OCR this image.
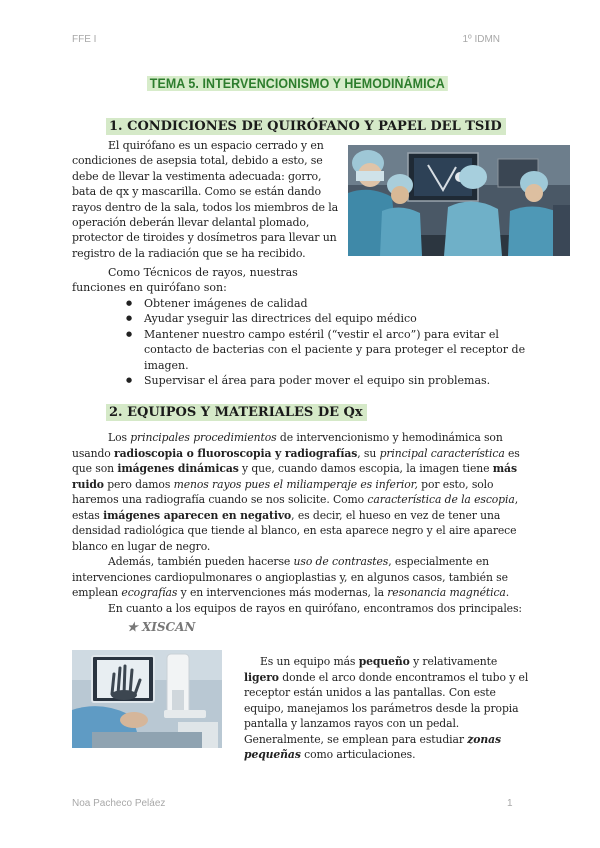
FFE I	1º IDMN
TEMA 5. INTERVENCIONISMO Y HEMODINÁMICA
1. CONDICIONES DE QUIRÓFANO Y PAPEL DEL TSID

El quirófano es un espacio cerrado y en condiciones de asepsia total, debido a esto, se debe de llevar la vestimenta adecuada: gorro, bata de qx y mascarilla. Como se están dando rayos dentro de la sala, todos los miembros de la operación deberán llevar delantal plomado, protector de tiroides y dosímetros para llevar un registro de la radiación que se ha recibido.

Como Técnicos de rayos, nuestras funciones en quirófano son:

● Obtener imágenes de calidad
● Ayudar yseguir las directrices del equipo médico
● Mantener nuestro campo estéril (“vestir el arco”) para evitar el contacto de bacterias con el paciente y para proteger el receptor de imagen.
● Supervisar el área para poder mover el equipo sin problemas.
2. EQUIPOS Y MATERIALES DE Qx

Los principales procedimientos de intervencionismo y hemodinámica son usando radioscopia o fluoroscopia y radiografías, su principal característica es que son imágenes dinámicas y que, cuando damos escopia, la imagen tiene más ruido pero damos menos rayos pues el miliamperaje es inferior, por esto, solo haremos una radiografía cuando se nos solicite. Como característica de la escopia, estas imágenes aparecen en negativo, es decir, el hueso en vez de tener una densidad radiológica que tiende al blanco, en esta aparece negro y el aire aparece blanco en lugar de negro.

Además, también pueden hacerse uso de contrastes, especialmente en intervenciones cardiopulmonares o angioplastias y, en algunos casos, también se emplean ecografías y en intervenciones más modernas, la resonancia magnética.

En cuanto a los equipos de rayos en quirófano, encontramos dos principales:

★ XISCAN

Es un equipo más pequeño y relativamente ligero donde el arco donde encontramos el tubo y el receptor están unidos a las pantallas. Con este equipo, manejamos los parámetros desde la propia pantalla y lanzamos rayos con un pedal. Generalmente, se emplean para estudiar zonas pequeñas como articulaciones.

Noa Pacheco Peláez	1
